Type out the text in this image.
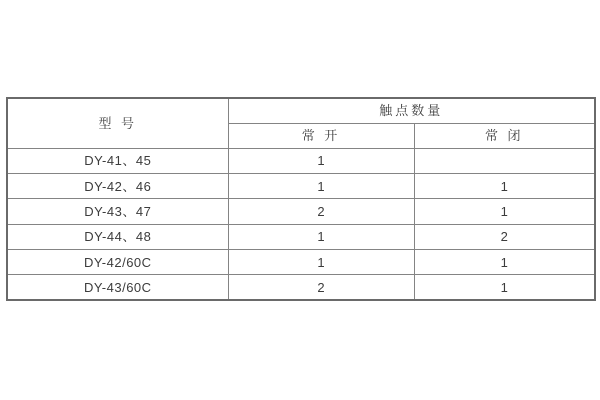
型 号	触点数量	
	常 开	常 闭
DY-41、45	1	
DY-42、46	1	1
DY-43、47	2	1
DY-44、48	1	2
DY-42/60C	1	1
DY-43/60C	2	1
